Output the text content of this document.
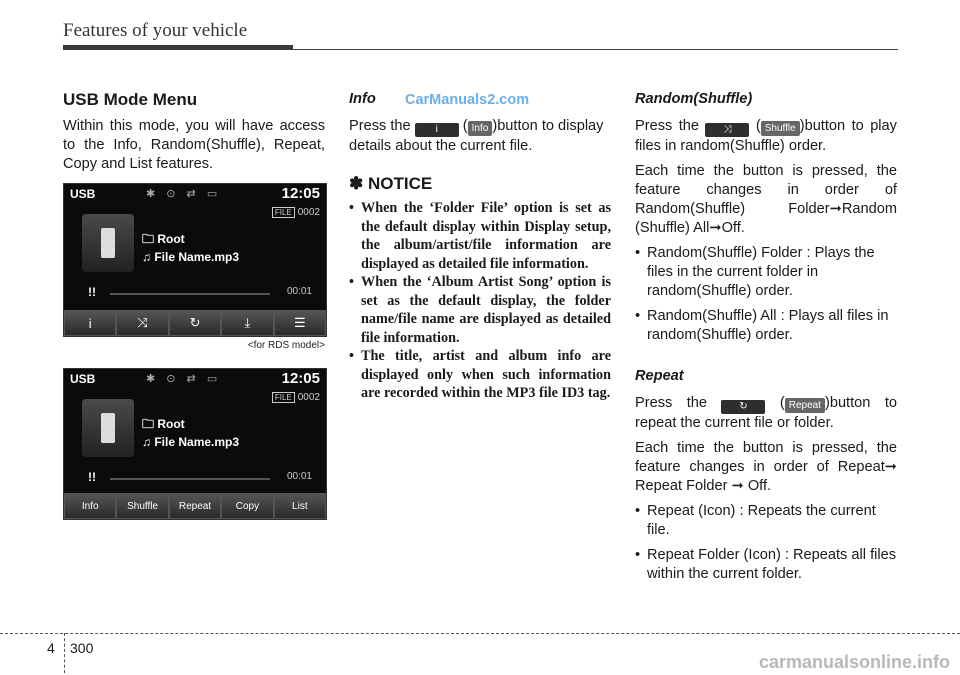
Features of your vehicle
USB Mode Menu

Within this mode, you will have access to the Info, Random(Shuffle), Repeat, Copy and List features.

USB	✱ ⊙ ⇄ ▭	12:05
FILE 0002
🗀 Root
♫ File Name.mp3
!!	00:01
i	⤨	↻	⤓	☰
<for RDS model>
USB	✱ ⊙ ⇄ ▭	12:05
FILE 0002
🗀 Root
♫ File Name.mp3
!!	00:01
Info	Shuffle	Repeat	Copy	List
CarManuals2.com
Info

Press the i ( Info )button to display details about the current file.

✽ NOTICE
• When the ‘Folder File’ option is set as the default display within Display setup, the album/artist/file information are displayed as detailed file information.
• When the ‘Album Artist Song’ option is set as the default display, the folder name/file name are displayed as detailed file information.
• The title, artist and album info are displayed only when such information are recorded within the MP3 file ID3 tag.
Random(Shuffle)

Press the ⤨ ( Shuffle )button to play files in random(Shuffle) order.

Each time the button is pressed, the feature changes in order of Random(Shuffle) Folder➞Random (Shuffle) All➞Off.

• Random(Shuffle) Folder : Plays the files in the current folder in random(Shuffle) order.
• Random(Shuffle) All : Plays all files in random(Shuffle) order.
Repeat

Press the	↻ ( Repeat )button to repeat the current file or folder.

Each time the button is pressed, the feature changes in order of Repeat➞ Repeat Folder ➞ Off.

• Repeat (Icon) : Repeats the current file.
• Repeat Folder (Icon) : Repeats all files within the current folder.
4 300
carmanualsonline.info
